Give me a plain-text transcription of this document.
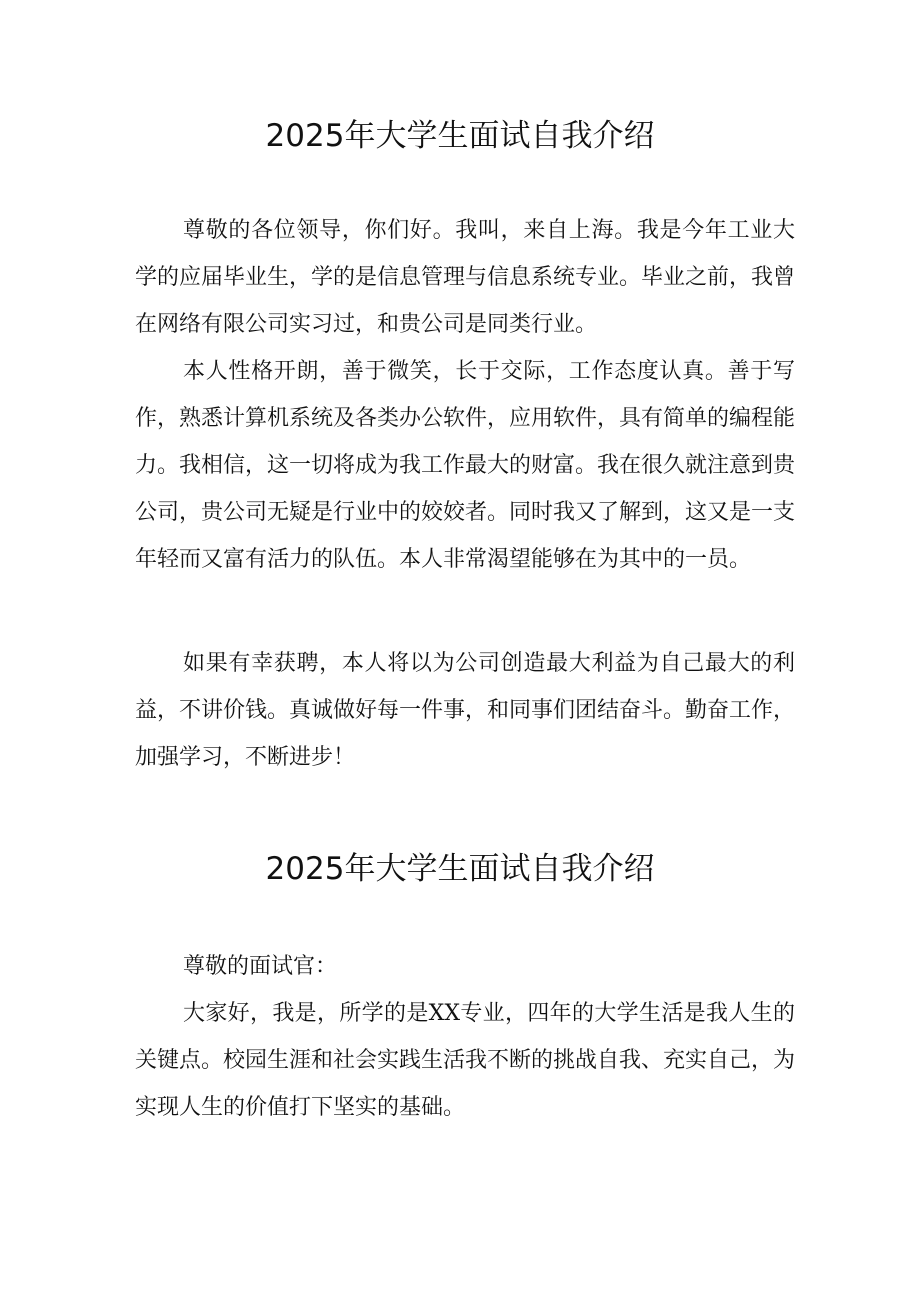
2025年大学生面试自我介绍

尊敬的各位领导，你们好。我叫，来自上海。我是今年工业大学的应届毕业生，学的是信息管理与信息系统专业。毕业之前，我曾在网络有限公司实习过，和贵公司是同类行业。

本人性格开朗，善于微笑，长于交际，工作态度认真。善于写作，熟悉计算机系统及各类办公软件，应用软件，具有简单的编程能力。我相信，这一切将成为我工作最大的财富。我在很久就注意到贵公司，贵公司无疑是行业中的姣姣者。同时我又了解到，这又是一支年轻而又富有活力的队伍。本人非常渴望能够在为其中的一员。

如果有幸获聘，本人将以为公司创造最大利益为自己最大的利益，不讲价钱。真诚做好每一件事，和同事们团结奋斗。勤奋工作，加强学习，不断进步！

2025年大学生面试自我介绍

尊敬的面试官：

大家好，我是，所学的是XX专业，四年的大学生活是我人生的关键点。校园生涯和社会实践生活我不断的挑战自我、充实自己，为实现人生的价值打下坚实的基础。
